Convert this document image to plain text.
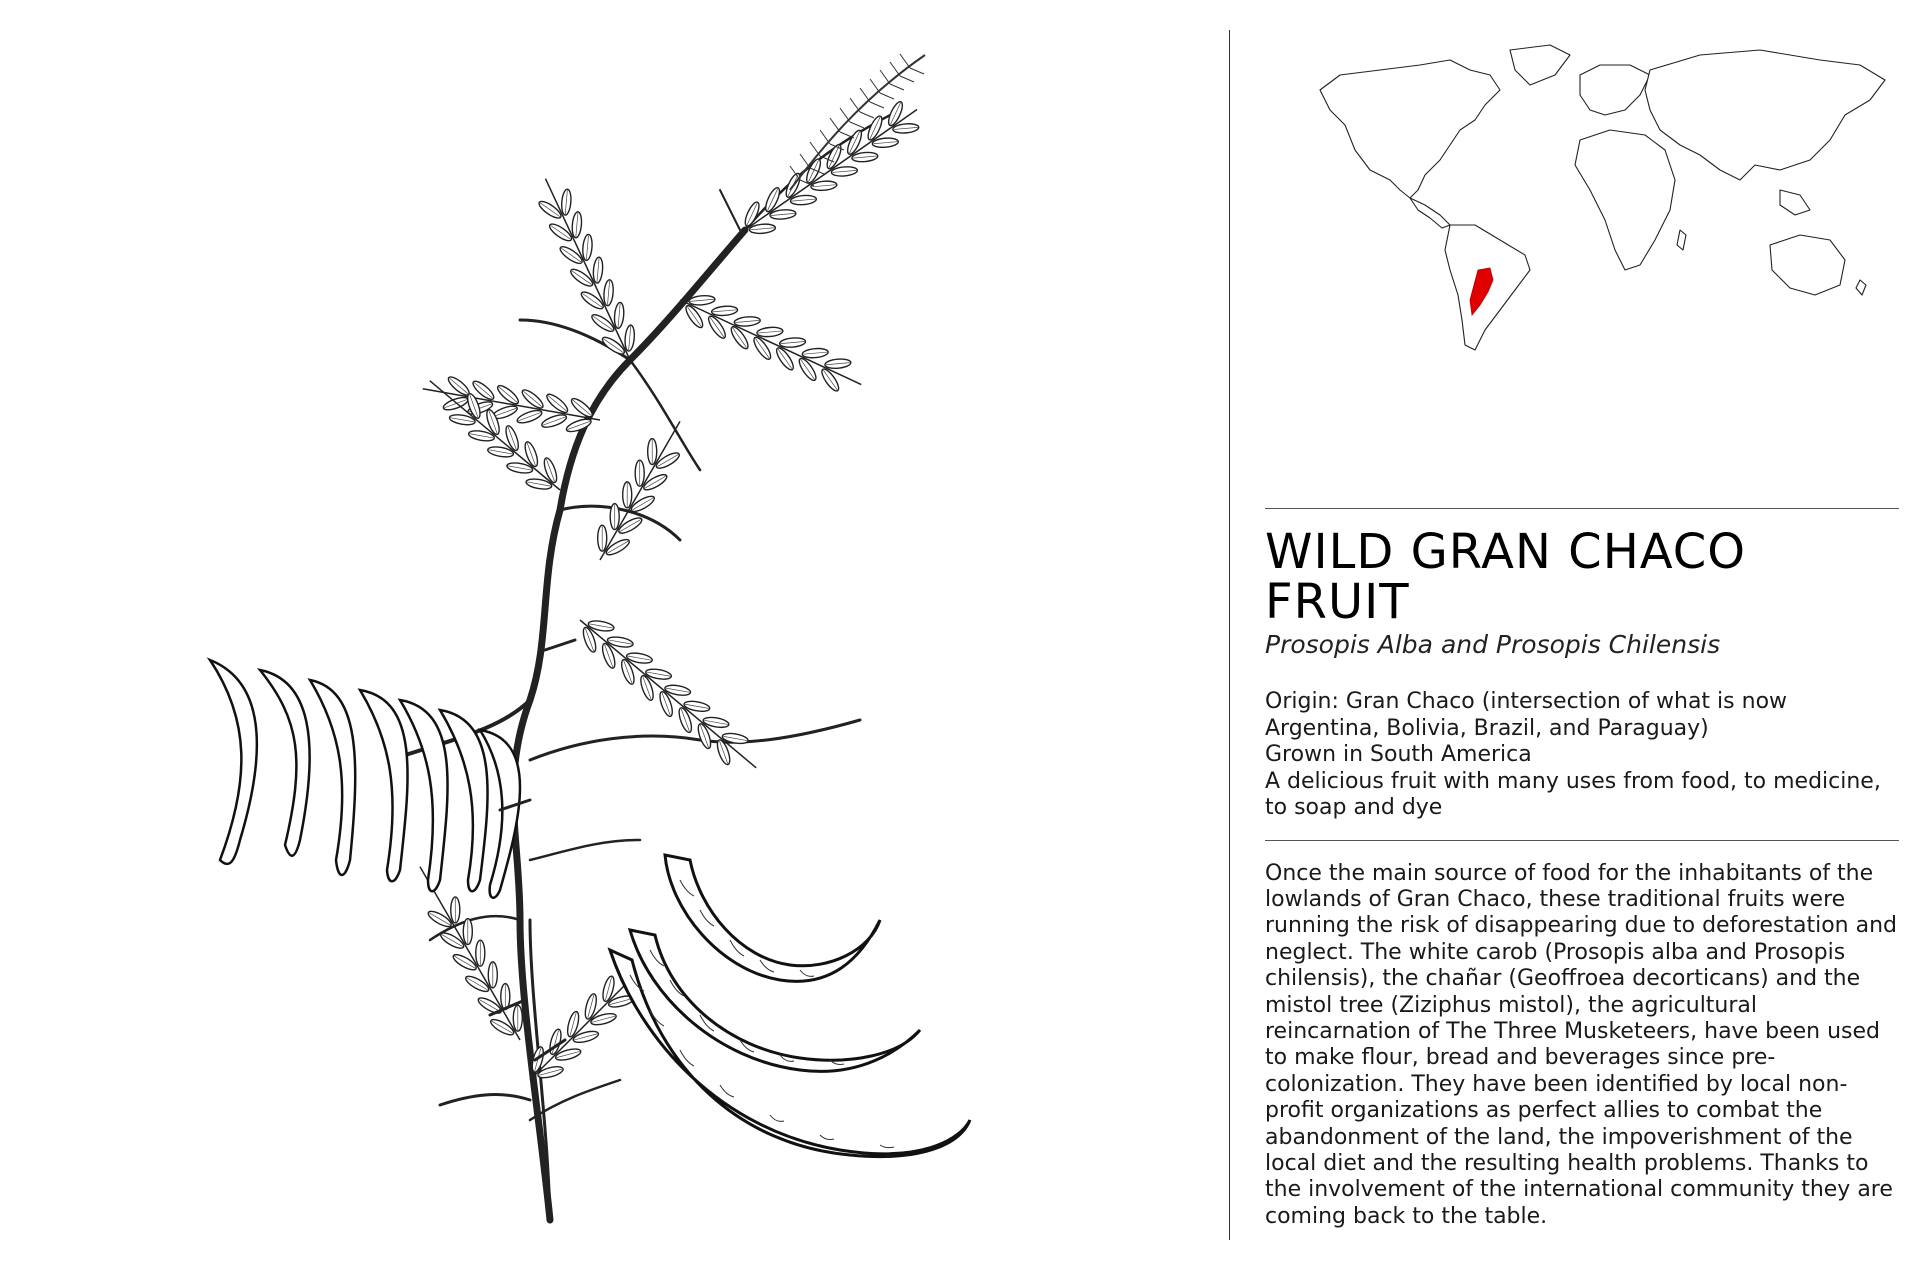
WILD GRAN CHACO FRUIT
Prosopis Alba and Prosopis Chilensis
Origin: Gran Chaco (intersection of what is now Argentina, Bolivia, Brazil, and Paraguay)
Grown in South America
A delicious fruit with many uses from food, to medicine, to soap and dye
Once the main source of food for the inhabitants of the lowlands of Gran Chaco, these traditional fruits were running the risk of disappearing due to deforestation and neglect. The white carob (Prosopis alba and Prosopis chilensis), the chañar (Geoffroea decorticans) and the mistol tree (Ziziphus mistol), the agricultural reincarnation of The Three Musketeers, have been used to make flour, bread and beverages since pre-colonization. They have been identified by local non-profit organizations as perfect allies to combat the abandonment of the land, the impoverishment of the local diet and the resulting health problems. Thanks to the involvement of the international community they are coming back to the table.
